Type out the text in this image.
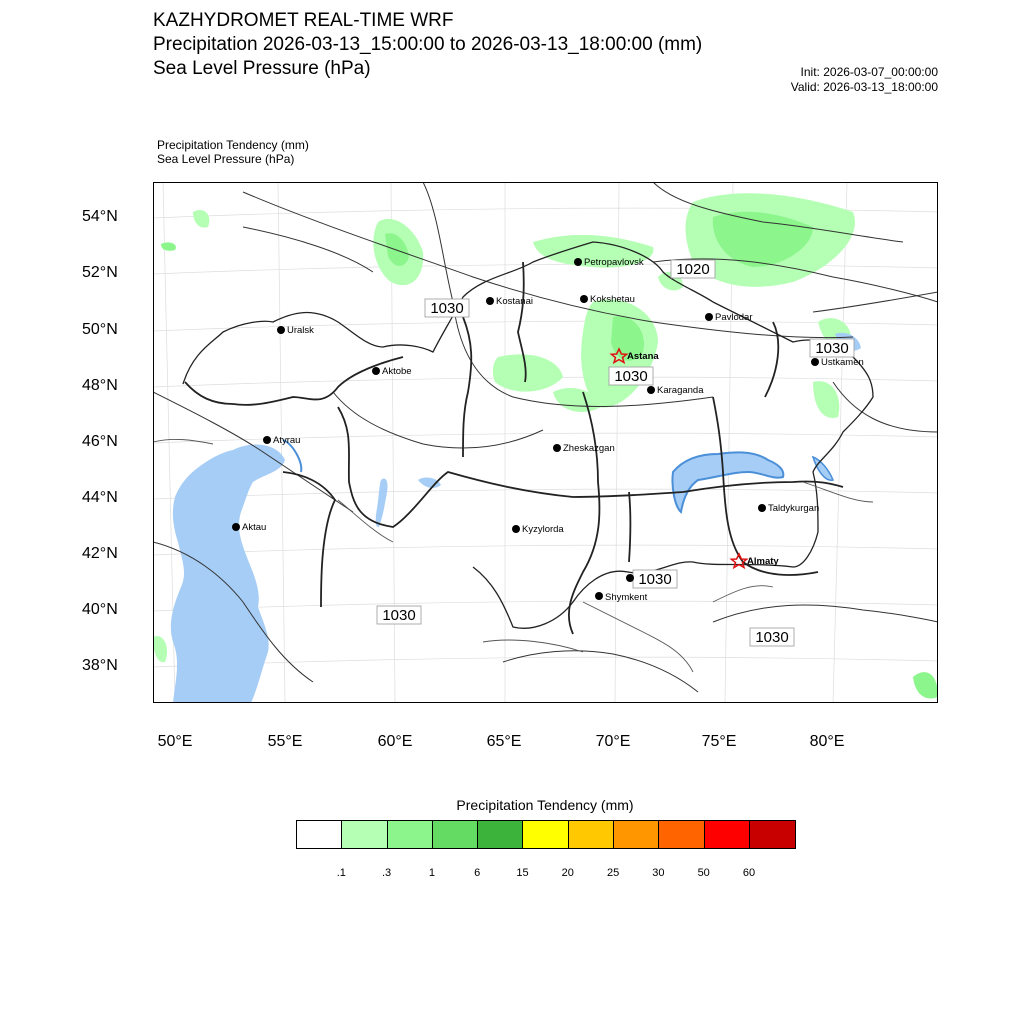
KAZHYDROMET REAL-TIME WRF
Precipitation 2026-03-13_15:00:00 to 2026-03-13_18:00:00 (mm)
Sea Level Pressure (hPa)	Init: 2026-03-07_00:00:00
Valid: 2026-03-13_18:00:00
Precipitation Tendency (mm)
Sea Level Pressure (hPa)
54°N
52°N
50°N
48°N
46°N
44°N
42°N
40°N
38°N
50°E	55°E	60°E	65°E	70°E	75°E	80°E
1030
1020
1030
1030
1030
1030
1030
Petropavlovsk
Kostanai	Kokshetau
Pavlodar
Uralsk
Astana
Ustkamen
Aktobe
Karaganda
Atyrau
Zheskazgan
Aktau	Kyzylorda
Taldykurgan
Almaty
Shymkent
Precipitation Tendency (mm)
.1	.3	1	6	15	20	25	30	50	60
